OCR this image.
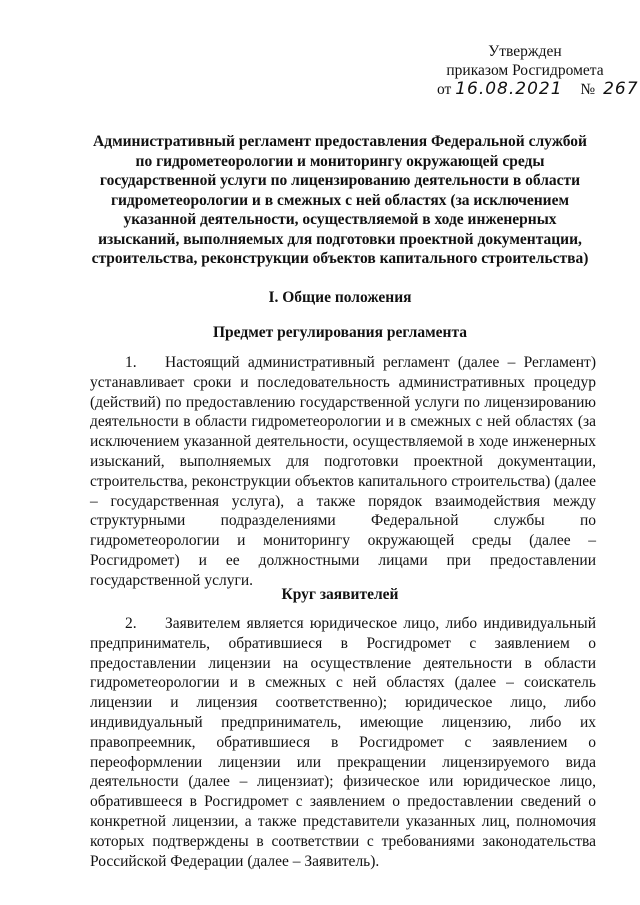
Утвержден
приказом Росгидромета
от 16.08.2021 № 267
Административный регламент предоставления Федеральной службой по гидрометеорологии и мониторингу окружающей среды государственной услуги по лицензированию деятельности в области гидрометеорологии и в смежных с ней областях (за исключением указанной деятельности, осуществляемой в ходе инженерных изысканий, выполняемых для подготовки проектной документации, строительства, реконструкции объектов капитального строительства)
I. Общие положения
Предмет регулирования регламента
1. Настоящий административный регламент (далее – Регламент) устанавливает сроки и последовательность административных процедур (действий) по предоставлению государственной услуги по лицензированию деятельности в области гидрометеорологии и в смежных с ней областях (за исключением указанной деятельности, осуществляемой в ходе инженерных изысканий, выполняемых для подготовки проектной документации, строительства, реконструкции объектов капитального строительства) (далее – государственная услуга), а также порядок взаимодействия между структурными подразделениями Федеральной службы по гидрометеорологии и мониторингу окружающей среды (далее – Росгидромет) и ее должностными лицами при предоставлении государственной услуги.
Круг заявителей
2. Заявителем является юридическое лицо, либо индивидуальный предприниматель, обратившиеся в Росгидромет с заявлением о предоставлении лицензии на осуществление деятельности в области гидрометеорологии и в смежных с ней областях (далее – соискатель лицензии и лицензия соответственно); юридическое лицо, либо индивидуальный предприниматель, имеющие лицензию, либо их правопреемник, обратившиеся в Росгидромет с заявлением о переоформлении лицензии или прекращении лицензируемого вида деятельности (далее – лицензиат); физическое или юридическое лицо, обратившееся в Росгидромет с заявлением о предоставлении сведений о конкретной лицензии, а также представители указанных лиц, полномочия которых подтверждены в соответствии с требованиями законодательства Российской Федерации (далее – Заявитель).
